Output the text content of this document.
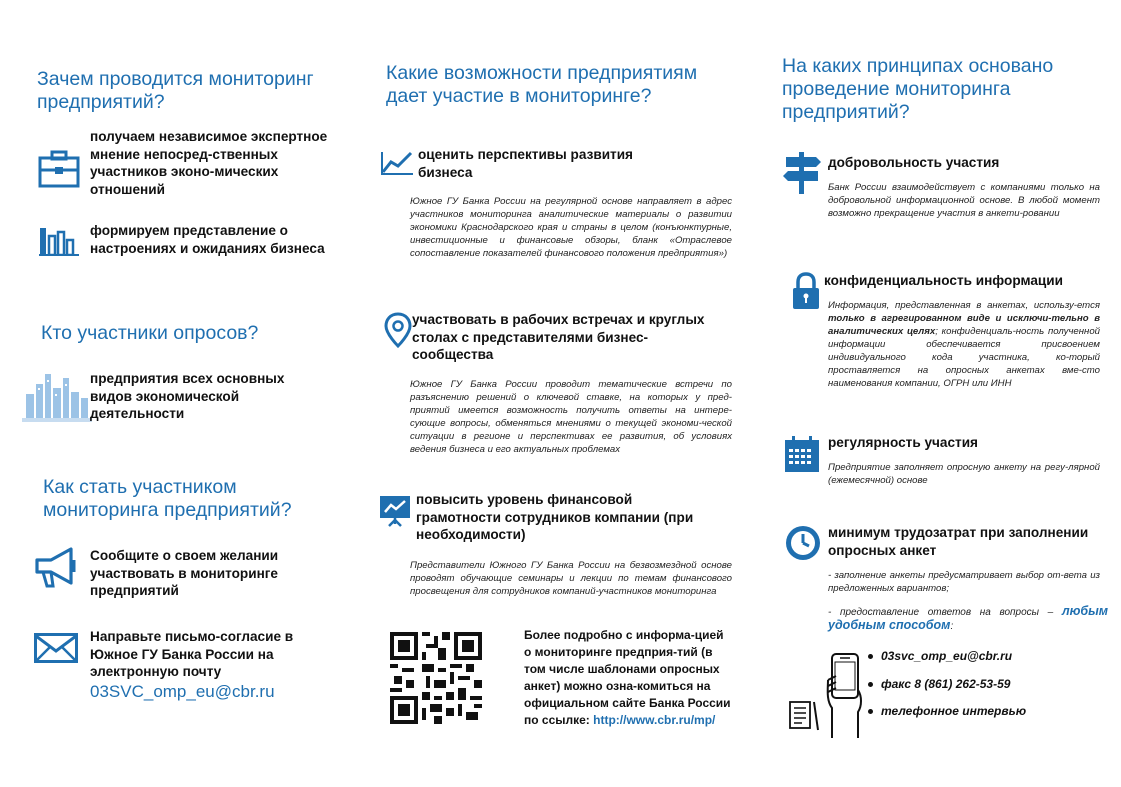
Зачем проводится мониторинг предприятий?
получаем независимое экспертное мнение непосред-ственных участников эконо-мических отношений
формируем представление о настроениях и ожиданиях бизнеса
Кто участники опросов?
предприятия всех основных видов экономической деятельности
Как стать участником мониторинга предприятий?
Сообщите о своем желании участвовать в мониторинге предприятий
Направьте письмо-согласие в Южное ГУ Банка России на электронную почту
03SVC_omp_eu@cbr.ru
Какие возможности предприятиям дает участие в мониторинге?
оценить перспективы развития бизнеса
Южное ГУ Банка России на регулярной основе направляет в адрес участников мониторинга аналитические материалы о развитии экономики Краснодарского края и страны в целом (конъюнктурные, инвестиционные и финансовые обзоры, бланк «Отраслевое сопоставление показателей финансового положения предприятия»)
участвовать в рабочих встречах и круглых столах с представителями бизнес-сообщества
Южное ГУ Банка России проводит тематические встречи по разъяснению решений о ключевой ставке, на которых у пред-приятий имеется возможность получить ответы на интере-сующие вопросы, обменяться мнениями о текущей экономи-ческой ситуации в регионе и перспективах ее развития, об условиях ведения бизнеса и его актуальных проблемах
повысить уровень финансовой грамотности сотрудников компании (при необходимости)
Представители Южного ГУ Банка России на безвозмездной основе проводят обучающие семинары и лекции по темам финансового просвещения для сотрудников компаний-участников мониторинга
Более подробно с информа-цией о мониторинге предприя-тий (в том числе шаблонами опросных анкет) можно озна-комиться на официальном сайте Банка России по ссылке: http://www.cbr.ru/mp/
На каких принципах основано проведение мониторинга предприятий?
добровольность участия
Банк России взаимодействует с компаниями только на добровольной информационной основе. В любой момент возможно прекращение участия в анкети-ровании
конфиденциальность информации
Информация, представленная в анкетах, использу-ется только в агрегированном виде и исключи-тельно в аналитических целях; конфиденциаль-ность полученной информации обеспечивается присвоением индивидуального кода участника, ко-торый проставляется на опросных анкетах вме-сто наименования компании, ОГРН или ИНН
регулярность участия
Предприятие заполняет опросную анкету на регу-лярной (ежемесячной) основе
минимум трудозатрат при заполнении опросных анкет
- заполнение анкеты предусматривает выбор от-вета из предложенных вариантов;
- предоставление ответов на вопросы – любым удобным способом:
03svc_omp_eu@cbr.ru
факс 8 (861) 262-53-59
телефонное интервью
